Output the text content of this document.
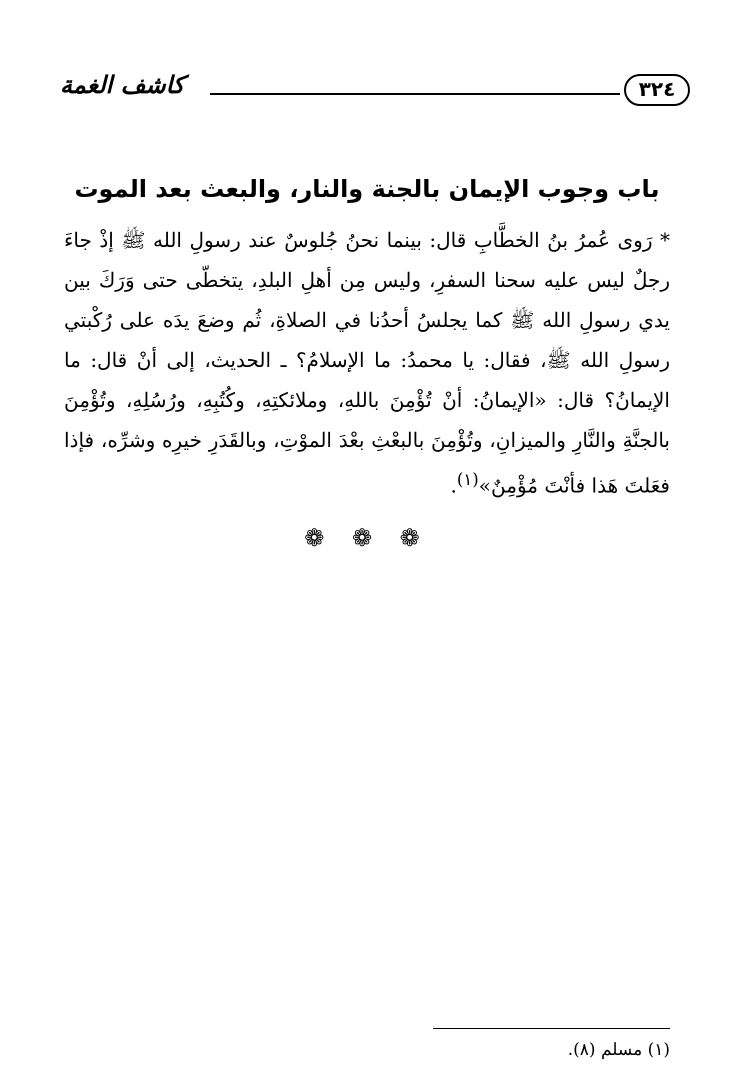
كاشف الغمة	٣٢٤
باب وجوب الإيمان بالجنة والنار، والبعث بعد الموت

* رَوى عُمرُ بنُ الخطَّابِ قال: بينما نحنُ جُلوسٌ عند رسولِ الله ﷺ إذْ جاءَ رجلٌ ليس عليه سحنا السفرِ، وليس مِن أهلِ البلدِ، يتخطّى حتى وَرَكَ بين يدي رسولِ الله ﷺ كما يجلسُ أحدُنا في الصلاةِ، ثُم وضعَ يدَه على رُكْبتي رسولِ الله ﷺ، فقال: يا محمدُ: ما الإسلامُ؟ ـ الحديث، إلى أنْ قال: ما الإيمانُ؟ قال: «الإيمانُ: أنْ تُؤْمِنَ باللهِ، وملائكتِهِ، وكُتُبِهِ، ورُسُلِهِ، وتُؤْمِنَ بالجنَّةِ والنَّارِ والميزانِ، وتُؤْمِنَ بالبعْثِ بعْدَ الموْتِ، وبالقَدَرِ خيرِه وشرِّه، فإذا فعَلتَ هَذا فأنْتَ مُؤْمِنٌ»$^{(١)}$.

❁ ❁ ❁
(١) مسلم (٨).
